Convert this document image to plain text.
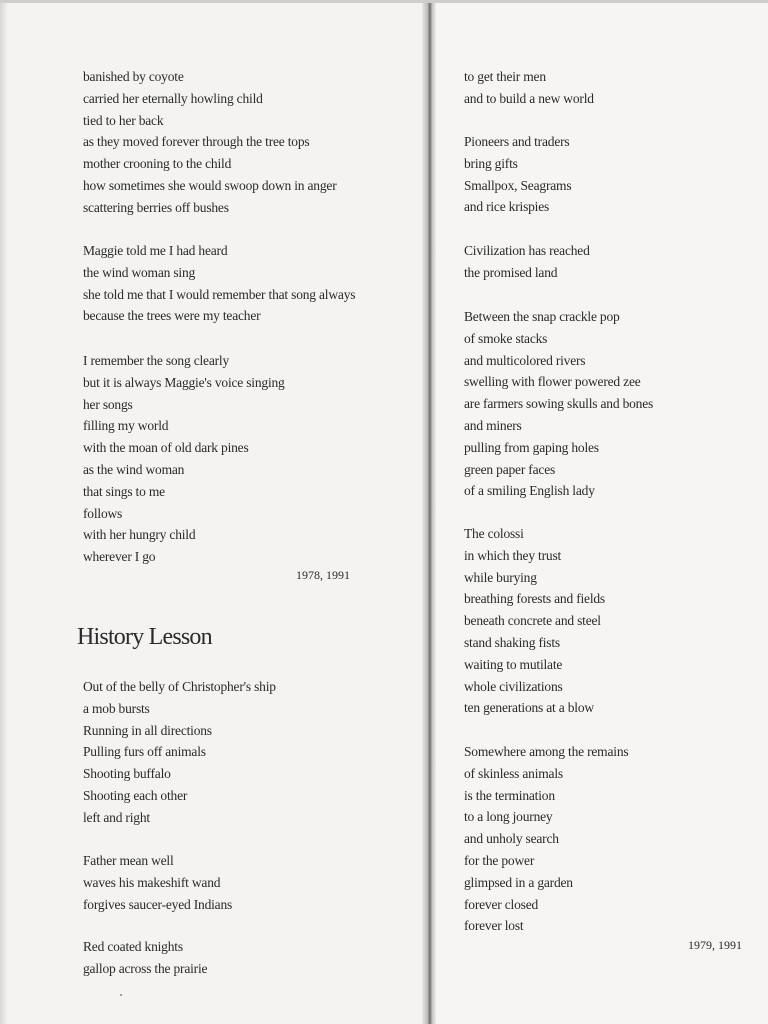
banished by coyote
carried her eternally howling child
tied to her back
as they moved forever through the tree tops
mother crooning to the child
how sometimes she would swoop down in anger
scattering berries off bushes
Maggie told me I had heard
the wind woman sing
she told me that I would remember that song always
because the trees were my teacher
I remember the song clearly
but it is always Maggie's voice singing
her songs
filling my world
with the moan of old dark pines
as the wind woman
that sings to me
follows
with her hungry child
wherever I go
1978, 1991
History Lesson
Out of the belly of Christopher's ship
a mob bursts
Running in all directions
Pulling furs off animals
Shooting buffalo
Shooting each other
left and right
Father mean well
waves his makeshift wand
forgives saucer-eyed Indians
Red coated knights
gallop across the prairie
to get their men
and to build a new world
Pioneers and traders
bring gifts
Smallpox, Seagrams
and rice krispies
Civilization has reached
the promised land
Between the snap crackle pop
of smoke stacks
and multicolored rivers
swelling with flower powered zee
are farmers sowing skulls and bones
and miners
pulling from gaping holes
green paper faces
of a smiling English lady
The colossi
in which they trust
while burying
breathing forests and fields
beneath concrete and steel
stand shaking fists
waiting to mutilate
whole civilizations
ten generations at a blow
Somewhere among the remains
of skinless animals
is the termination
to a long journey
and unholy search
for the power
glimpsed in a garden
forever closed
forever lost
1979, 1991
